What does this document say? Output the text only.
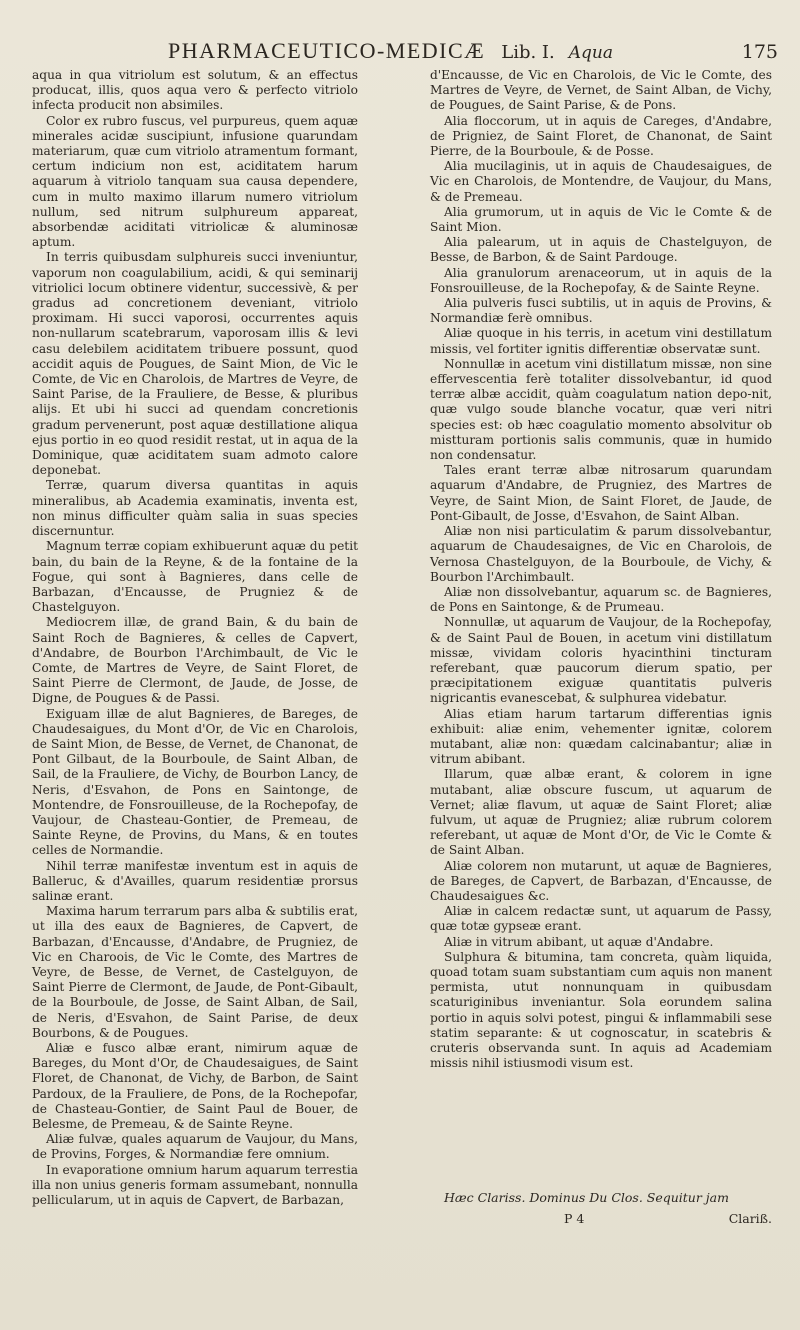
PHARMACEUTICO-MEDICÆ Lib. I. Aqua	175

aqua in qua vitriolum est solutum, & an effectus producat, illis, quos aqua vero & perfecto vitriolo infecta producit non absimiles.

Color ex rubro fuscus, vel purpureus, quem aquæ minerales acidæ suscipiunt, infusione quarundam materiarum, quæ cum vitriolo atramentum formant, certum indicium non est, aciditatem harum aquarum à vitriolo tanquam sua causa dependere, cum in multo maximo illarum numero vitriolum nullum, sed nitrum sulphureum appareat, absorbendæ aciditati vitriolicæ & aluminosæ aptum.

In terris quibusdam sulphureis succi inveniuntur, vaporum non coagulabilium, acidi, & qui seminarij vitriolici locum obtinere videntur, successivè, & per gradus ad concretionem deveniant, vitriolo proximam. Hi succi vaporosi, occurrentes aquis non-nullarum scatebrarum, vaporosam illis & levi casu delebilem aciditatem tribuere possunt, quod accidit aquis de Pougues, de Saint Mion, de Vic le Comte, de Vic en Charolois, de Martres de Veyre, de Saint Parise, de la Frauliere, de Besse, & pluribus alijs. Et ubi hi succi ad quendam concretionis gradum pervenerunt, post aquæ destillatione aliqua ejus portio in eo quod residit restat, ut in aqua de la Dominique, quæ aciditatem suam admoto calore deponebat.

Terræ, quarum diversa quantitas in aquis mineralibus, ab Academia examinatis, inventa est, non minus difficulter quàm salia in suas species discernuntur.

Magnum terræ copiam exhibuerunt aquæ du petit bain, du bain de la Reyne, & de la fontaine de la Fogue, qui sont à Bagnieres, dans celle de Barbazan, d'Encausse, de Prugniez & de Chastelguyon.

Mediocrem illæ, de grand Bain, & du bain de Saint Roch de Bagnieres, & celles de Capvert, d'Andabre, de Bourbon l'Archimbault, de Vic le Comte, de Martres de Veyre, de Saint Floret, de Saint Pierre de Clermont, de Jaude, de Josse, de Digne, de Pougues & de Passi.

Exiguam illæ de alut Bagnieres, de Bareges, de Chaudesaigues, du Mont d'Or, de Vic en Charolois, de Saint Mion, de Besse, de Vernet, de Chanonat, de Pont Gilbaut, de la Bourboule, de Saint Alban, de Sail, de la Frauliere, de Vichy, de Bourbon Lancy, de Neris, d'Esvahon, de Pons en Saintonge, de Montendre, de Fonsrouilleuse, de la Rochepofay, de Vaujour, de Chasteau-Gontier, de Premeau, de Sainte Reyne, de Provins, du Mans, & en toutes celles de Normandie.

Nihil terræ manifestæ inventum est in aquis de Balleruc, & d'Availles, quarum residentiæ prorsus salinæ erant.

Maxima harum terrarum pars alba & subtilis erat, ut illa des eaux de Bagnieres, de Capvert, de Barbazan, d'Encausse, d'Andabre, de Prugniez, de Vic en Charoois, de Vic le Comte, des Martres de Veyre, de Besse, de Vernet, de Castelguyon, de Saint Pierre de Clermont, de Jaude, de Pont-Gibault, de la Bourboule, de Josse, de Saint Alban, de Sail, de Neris, d'Esvahon, de Saint Parise, de deux Bourbons, & de Pougues.

Aliæ e fusco albæ erant, nimirum aquæ de Bareges, du Mont d'Or, de Chaudesaigues, de Saint Floret, de Chanonat, de Vichy, de Barbon, de Saint Pardoux, de la Frauliere, de Pons, de la Rochepofar, de Chasteau-Gontier, de Saint Paul de Bouer, de Belesme, de Premeau, & de Sainte Reyne.

Aliæ fulvæ, quales aquarum de Vaujour, du Mans, de Provins, Forges, & Normandiæ fere omnium.

In evaporatione omnium harum aquarum terrestia illa non unius generis formam assumebant, nonnulla pellicularum, ut in aquis de Capvert, de Barbazan,

d'Encausse, de Vic en Charolois, de Vic le Comte, des Martres de Veyre, de Vernet, de Saint Alban, de Vichy, de Pougues, de Saint Parise, & de Pons.

Alia floccorum, ut in aquis de Careges, d'Andabre, de Prigniez, de Saint Floret, de Chanonat, de Saint Pierre, de la Bourboule, & de Posse.

Alia mucilaginis, ut in aquis de Chaudesaigues, de Vic en Charolois, de Montendre, de Vaujour, du Mans, & de Premeau.

Alia grumorum, ut in aquis de Vic le Comte & de Saint Mion.

Alia palearum, ut in aquis de Chastelguyon, de Besse, de Barbon, & de Saint Pardouge.

Alia granulorum arenaceorum, ut in aquis de la Fonsrouilleuse, de la Rochepofay, & de Sainte Reyne.

Alia pulveris fusci subtilis, ut in aquis de Provins, & Normandiæ ferè omnibus.

Aliæ quoque in his terris, in acetum vini destillatum missis, vel fortiter ignitis differentiæ observatæ sunt.

Nonnullæ in acetum vini distillatum missæ, non sine effervescentia ferè totaliter dissolvebantur, id quod terræ albæ accidit, quàm coagulatum nation depo-nit, quæ vulgo soude blanche vocatur, quæ veri nitri species est: ob hæc coagulatio momento absolvitur ob mistturam portionis salis communis, quæ in humido non condensatur.

Tales erant terræ albæ nitrosarum quarundam aquarum d'Andabre, de Prugniez, des Martres de Veyre, de Saint Mion, de Saint Floret, de Jaude, de Pont-Gibault, de Josse, d'Esvahon, de Saint Alban.

Aliæ non nisi particulatim & parum dissolvebantur, aquarum de Chaudesaignes, de Vic en Charolois, de Vernosa Chastelguyon, de la Bourboule, de Vichy, & Bourbon l'Archimbault.

Aliæ non dissolvebantur, aquarum sc. de Bagnieres, de Pons en Saintonge, & de Prumeau.

Nonnullæ, ut aquarum de Vaujour, de la Rochepofay, & de Saint Paul de Bouen, in acetum vini distillatum missæ, vividam coloris hyacinthini tincturam referebant, quæ paucorum dierum spatio, per præcipitationem exiguæ quantitatis pulveris nigricantis evanescebat, & sulphurea videbatur.

Alias etiam harum tartarum differentias ignis exhibuit: aliæ enim, vehementer ignitæ, colorem mutabant, aliæ non: quædam calcinabantur; aliæ in vitrum abibant.

Illarum, quæ albæ erant, & colorem in igne mutabant, aliæ obscure fuscum, ut aquarum de Vernet; aliæ flavum, ut aquæ de Saint Floret; aliæ fulvum, ut aquæ de Prugniez; aliæ rubrum colorem referebant, ut aquæ de Mont d'Or, de Vic le Comte & de Saint Alban.

Aliæ colorem non mutarunt, ut aquæ de Bagnieres, de Bareges, de Capvert, de Barbazan, d'Encausse, de Chaudesaigues &c.

Aliæ in calcem redactæ sunt, ut aquarum de Passy, quæ totæ gypseæ erant.

Aliæ in vitrum abibant, ut aquæ d'Andabre.

Sulphura & bitumina, tam concreta, quàm liquida, quoad totam suam substantiam cum aquis non manent permista, utut nonnunquam in quibusdam scaturiginibus inveniantur. Sola eorundem salina portio in aquis solvi potest, pingui & inflammabili sese statim separante: & ut cognoscatur, in scatebris & cruteris observanda sunt. In aquis ad Academiam missis nihil istiusmodi visum est.

Hæc Clariss. Dominus Du Clos. Sequitur jam
P 4	Clariß.
